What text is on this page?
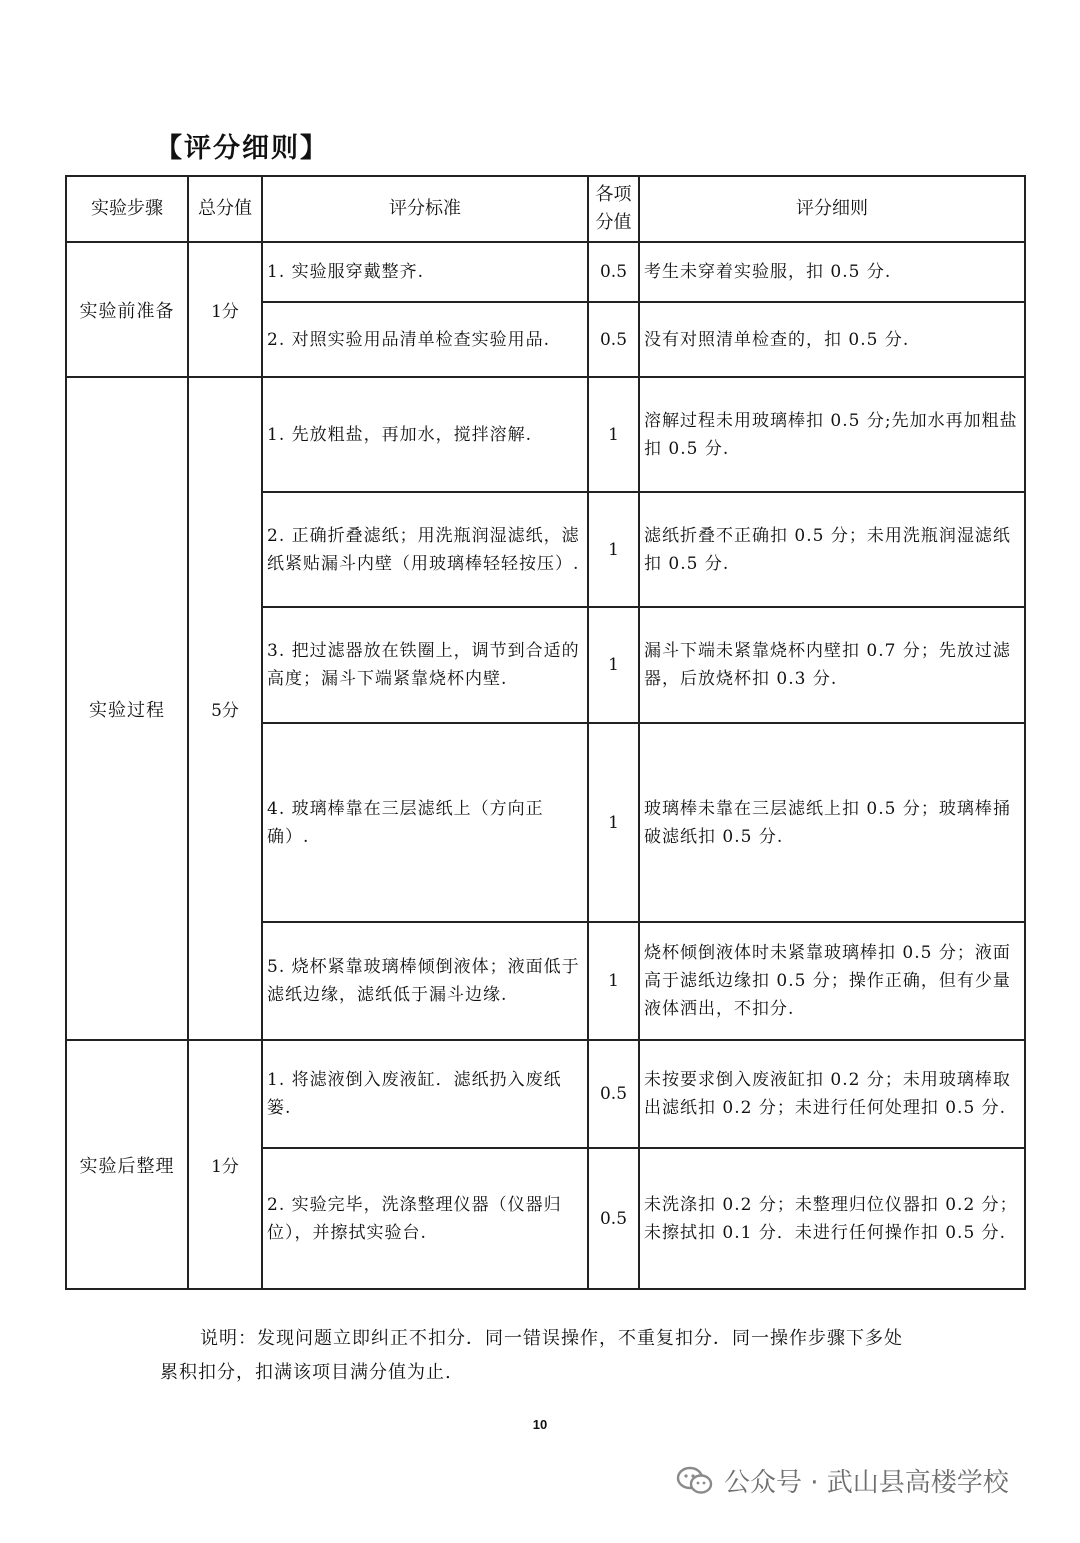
【评分细则】
实验步骤	总分值	评分标准	各项分值	评分细则
实验前准备	1分	1. 实验服穿戴整齐.	0.5	考生未穿着实验服，扣 0.5 分.
		2. 对照实验用品清单检查实验用品.	0.5	没有对照清单检查的，扣 0.5 分.
实验过程	5分	1. 先放粗盐，再加水，搅拌溶解.	1	溶解过程未用玻璃棒扣 0.5 分;先加水再加粗盐扣 0.5 分.
		2. 正确折叠滤纸；用洗瓶润湿滤纸，滤纸紧贴漏斗内壁（用玻璃棒轻轻按压）.	1	滤纸折叠不正确扣 0.5 分；未用洗瓶润湿滤纸扣 0.5 分.
		3. 把过滤器放在铁圈上，调节到合适的高度；漏斗下端紧靠烧杯内壁.	1	漏斗下端未紧靠烧杯内壁扣 0.7 分；先放过滤器，后放烧杯扣 0.3 分.
		4. 玻璃棒靠在三层滤纸上（方向正确）.	1	玻璃棒未靠在三层滤纸上扣 0.5 分；玻璃棒捅破滤纸扣 0.5 分.
		5. 烧杯紧靠玻璃棒倾倒液体；液面低于滤纸边缘，滤纸低于漏斗边缘.	1	烧杯倾倒液体时未紧靠玻璃棒扣 0.5 分；液面高于滤纸边缘扣 0.5 分；操作正确，但有少量液体洒出，不扣分.
实验后整理	1分	1. 将滤液倒入废液缸．滤纸扔入废纸篓.	0.5	未按要求倒入废液缸扣 0.2 分；未用玻璃棒取出滤纸扣 0.2 分；未进行任何处理扣 0.5 分.
		2. 实验完毕，洗涤整理仪器（仪器归位），并擦拭实验台.	0.5	未洗涤扣 0.2 分；未整理归位仪器扣 0.2 分；未擦拭扣 0.1 分．未进行任何操作扣 0.5 分.
说明：发现问题立即纠正不扣分．同一错误操作，不重复扣分．同一操作步骤下多处
累积扣分，扣满该项目满分值为止.
10
公众号 · 武山县高楼学校
